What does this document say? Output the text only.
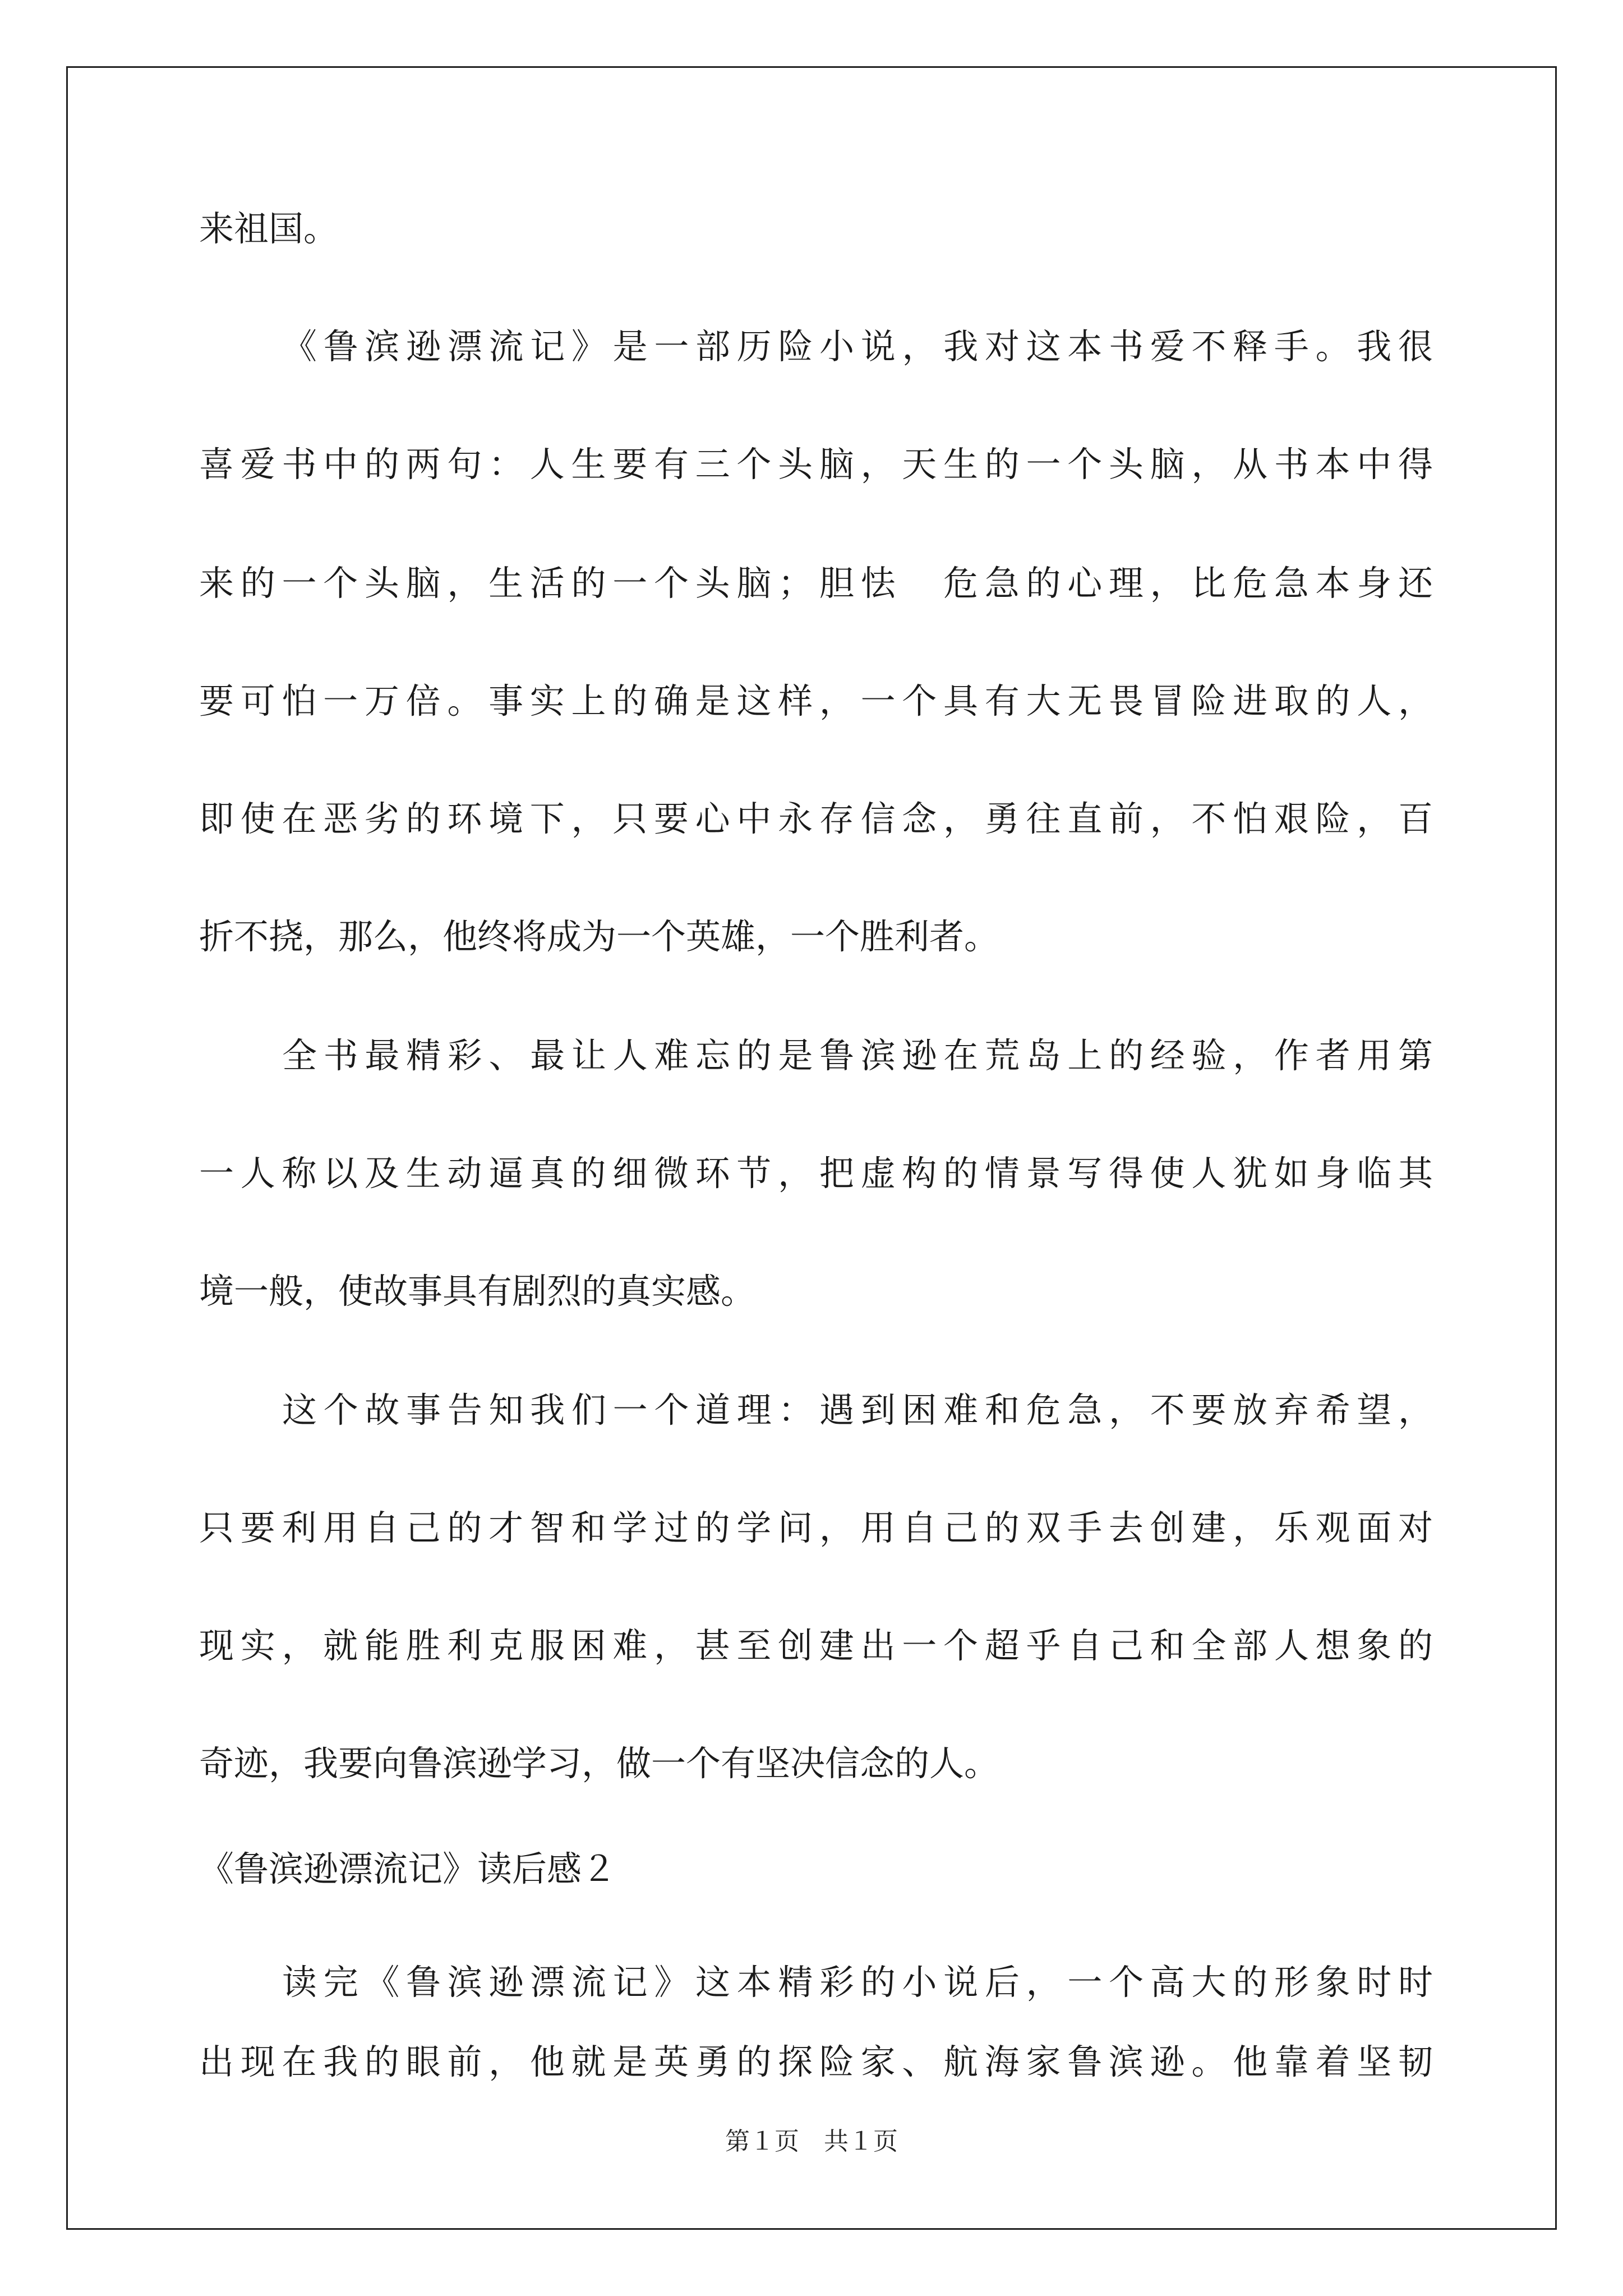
来祖国。
《鲁滨逊漂流记》是一部历险小说，我对这本书爱不释手。我很
喜爱书中的两句：人生要有三个头脑，天生的一个头脑，从书本中得
来的一个头脑，生活的一个头脑；胆怯　危急的心理，比危急本身还
要可怕一万倍。事实上的确是这样，一个具有大无畏冒险进取的人，
即使在恶劣的环境下，只要心中永存信念，勇往直前，不怕艰险，百
折不挠，那么，他终将成为一个英雄，一个胜利者。
全书最精彩、最让人难忘的是鲁滨逊在荒岛上的经验，作者用第
一人称以及生动逼真的细微环节，把虚构的情景写得使人犹如身临其
境一般，使故事具有剧烈的真实感。
这个故事告知我们一个道理：遇到困难和危急，不要放弃希望，
只要利用自己的才智和学过的学问，用自己的双手去创建，乐观面对
现实，就能胜利克服困难，甚至创建出一个超乎自己和全部人想象的
奇迹，我要向鲁滨逊学习，做一个有坚决信念的人。
《鲁滨逊漂流记》读后感２
读完《鲁滨逊漂流记》这本精彩的小说后，一个高大的形象时时
出现在我的眼前，他就是英勇的探险家、航海家鲁滨逊。他靠着坚韧
第１页　共１页
